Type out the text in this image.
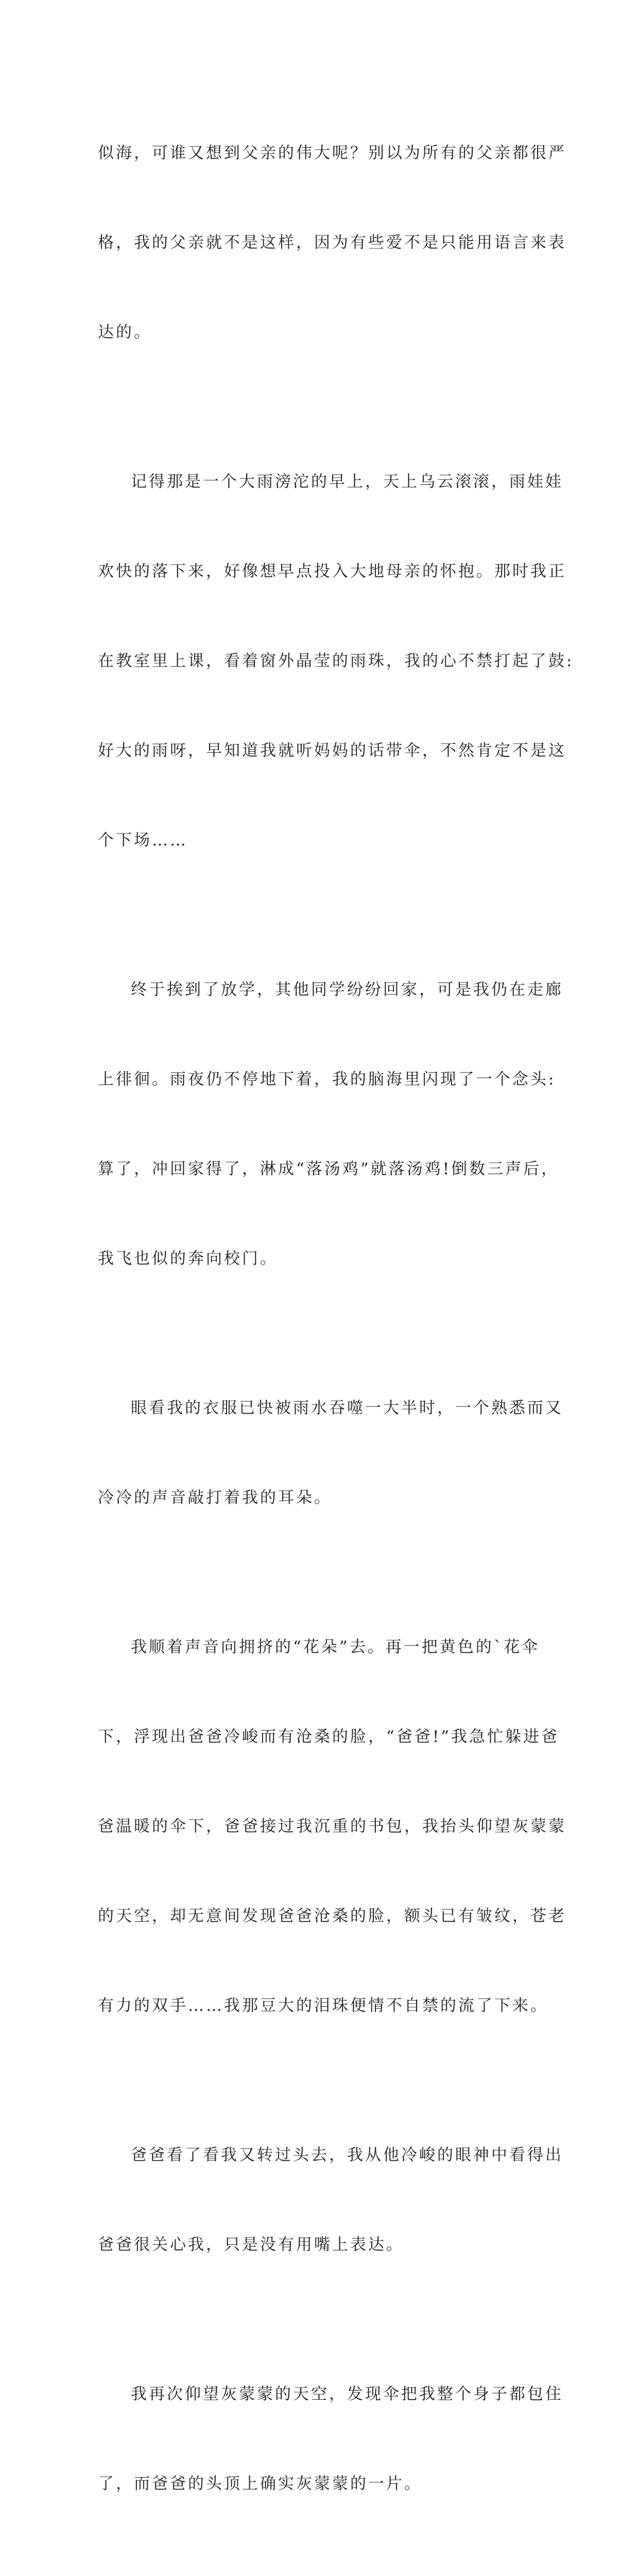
似海，可谁又想到父亲的伟大呢？别以为所有的父亲都很严

格，我的父亲就不是这样，因为有些爱不是只能用语言来表

达的。

记得那是一个大雨滂沱的早上，天上乌云滚滚，雨娃娃

欢快的落下来，好像想早点投入大地母亲的怀抱。那时我正

在教室里上课，看着窗外晶莹的雨珠，我的心不禁打起了鼓:

好大的雨呀，早知道我就听妈妈的话带伞，不然肯定不是这

个下场……

终于挨到了放学，其他同学纷纷回家，可是我仍在走廊

上徘徊。雨夜仍不停地下着，我的脑海里闪现了一个念头:

算了，冲回家得了，淋成“落汤鸡”就落汤鸡!倒数三声后，

我飞也似的奔向校门。

眼看我的衣服已快被雨水吞噬一大半时，一个熟悉而又

冷冷的声音敲打着我的耳朵。

我顺着声音向拥挤的“花朵”去。再一把黄色的`花伞

下，浮现出爸爸冷峻而有沧桑的脸，“爸爸!”我急忙躲进爸

爸温暖的伞下，爸爸接过我沉重的书包，我抬头仰望灰蒙蒙

的天空，却无意间发现爸爸沧桑的脸，额头已有皱纹，苍老

有力的双手……我那豆大的泪珠便情不自禁的流了下来。

爸爸看了看我又转过头去，我从他冷峻的眼神中看得出

爸爸很关心我，只是没有用嘴上表达。

我再次仰望灰蒙蒙的天空，发现伞把我整个身子都包住

了，而爸爸的头顶上确实灰蒙蒙的一片。
